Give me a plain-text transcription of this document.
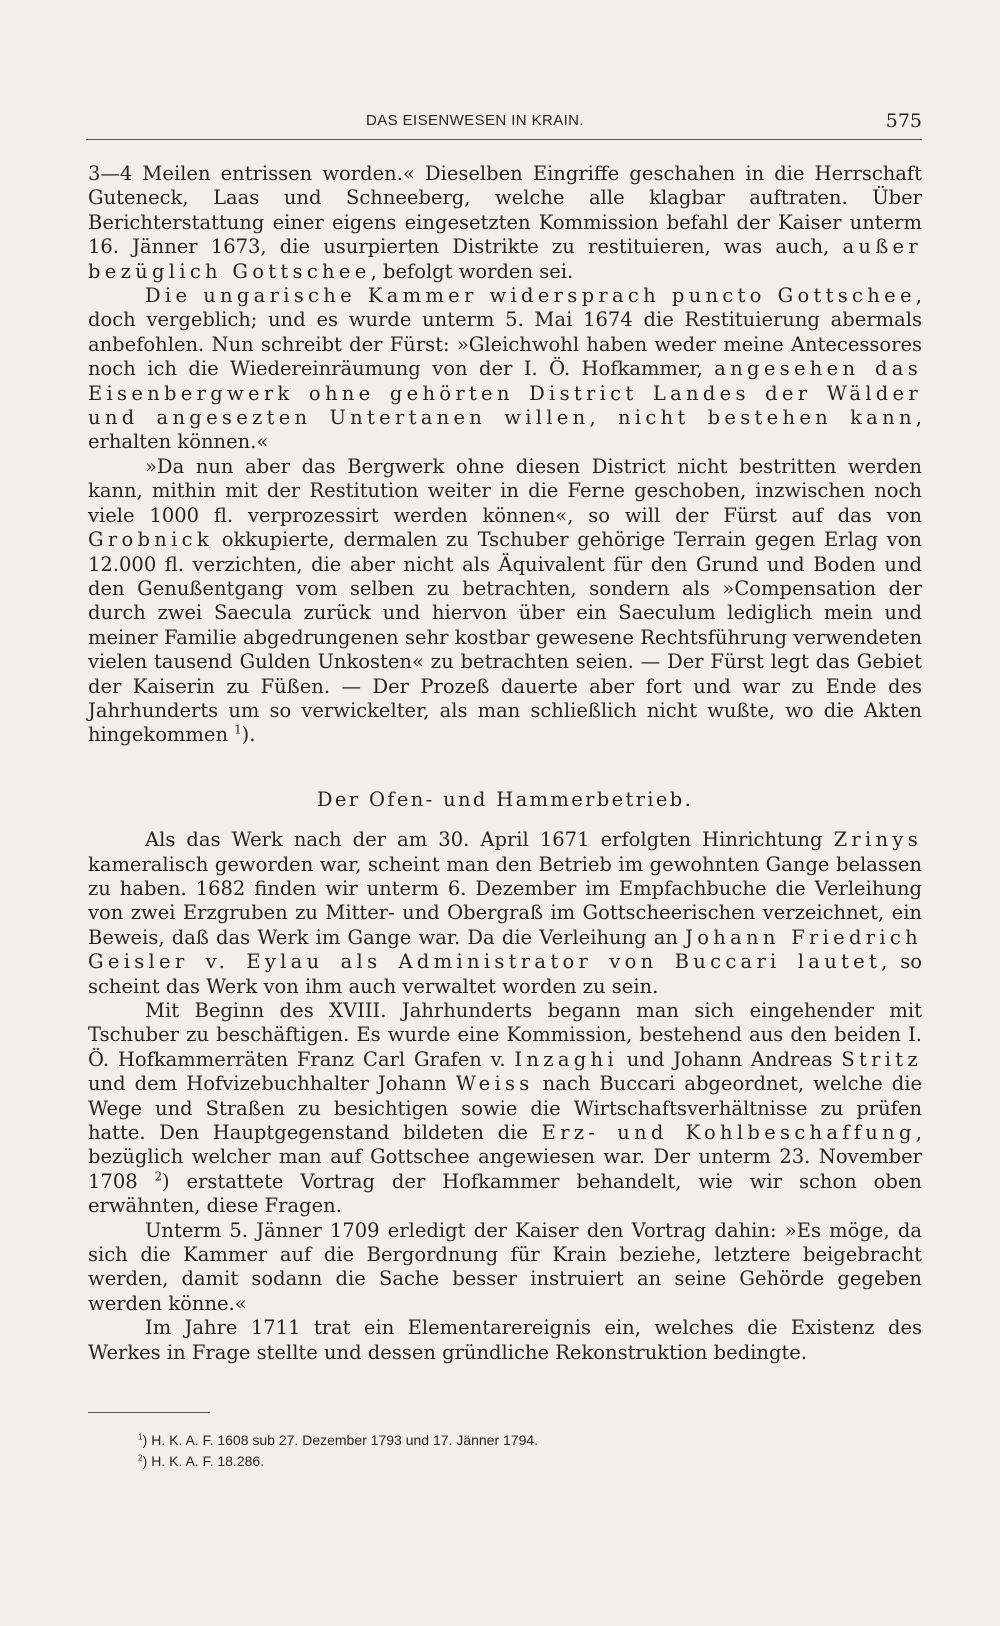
DAS EISENWESEN IN KRAIN.	575

3—4 Meilen entrissen worden.« Dieselben Eingriffe geschahen in die Herrschaft Guteneck, Laas und Schneeberg, welche alle klagbar auftraten. Über Berichterstattung einer eigens eingesetzten Kommission befahl der Kaiser unterm 16. Jänner 1673, die usurpierten Distrikte zu restituieren, was auch, außer bezüglich Gottschee, befolgt worden sei.

Die ungarische Kammer widersprach puncto Gottschee, doch vergeblich; und es wurde unterm 5. Mai 1674 die Restituierung abermals anbefohlen. Nun schreibt der Fürst: »Gleichwohl haben weder meine Antecessores noch ich die Wiedereinräumung von der I. Ö. Hofkammer, angesehen das Eisenbergwerk ohne gehörten District Landes der Wälder und angesezten Untertanen willen, nicht bestehen kann, erhalten können.«

»Da nun aber das Bergwerk ohne diesen District nicht bestritten werden kann, mithin mit der Restitution weiter in die Ferne geschoben, inzwischen noch viele 1000 fl. verprozessirt werden können«, so will der Fürst auf das von Grobnick okkupierte, dermalen zu Tschuber gehörige Terrain gegen Erlag von 12.000 fl. verzichten, die aber nicht als Äquivalent für den Grund und Boden und den Genußentgang vom selben zu betrachten, sondern als »Compensation der durch zwei Saecula zurück und hiervon über ein Saeculum lediglich mein und meiner Familie abgedrungenen sehr kostbar gewesene Rechtsführung verwendeten vielen tausend Gulden Unkosten« zu betrachten seien. — Der Fürst legt das Gebiet der Kaiserin zu Füßen. — Der Prozeß dauerte aber fort und war zu Ende des Jahrhunderts um so verwickelter, als man schließlich nicht wußte, wo die Akten hingekommen $^1$).

Der Ofen- und Hammerbetrieb.

Als das Werk nach der am 30. April 1671 erfolgten Hinrichtung Zrinys kameralisch geworden war, scheint man den Betrieb im gewohnten Gange belassen zu haben. 1682 finden wir unterm 6. Dezember im Empfachbuche die Verleihung von zwei Erzgruben zu Mitter- und Obergraß im Gottscheerischen verzeichnet, ein Beweis, daß das Werk im Gange war. Da die Verleihung an Johann Friedrich Geisler v. Eylau als Administrator von Buccari lautet, so scheint das Werk von ihm auch verwaltet worden zu sein.

Mit Beginn des XVIII. Jahrhunderts begann man sich eingehender mit Tschuber zu beschäftigen. Es wurde eine Kommission, bestehend aus den beiden I. Ö. Hofkammerräten Franz Carl Grafen v. Inzaghi und Johann Andreas Stritz und dem Hofvizebuchhalter Johann Weiss nach Buccari abgeordnet, welche die Wege und Straßen zu besichtigen sowie die Wirtschaftsverhältnisse zu prüfen hatte. Den Hauptgegenstand bildeten die Erz- und Kohlbeschaffung, bezüglich welcher man auf Gottschee angewiesen war. Der unterm 23. November 1708 $^2$) erstattete Vortrag der Hofkammer behandelt, wie wir schon oben erwähnten, diese Fragen.

Unterm 5. Jänner 1709 erledigt der Kaiser den Vortrag dahin: »Es möge, da sich die Kammer auf die Bergordnung für Krain beziehe, letztere beigebracht werden, damit sodann die Sache besser instruiert an seine Gehörde gegeben werden könne.«

Im Jahre 1711 trat ein Elementarereignis ein, welches die Existenz des Werkes in Frage stellte und dessen gründliche Rekonstruktion bedingte.

$^1$) H. K. A. F. 1608 sub 27. Dezember 1793 und 17. Jänner 1794.

$^2$) H. K. A. F. 18.286.
